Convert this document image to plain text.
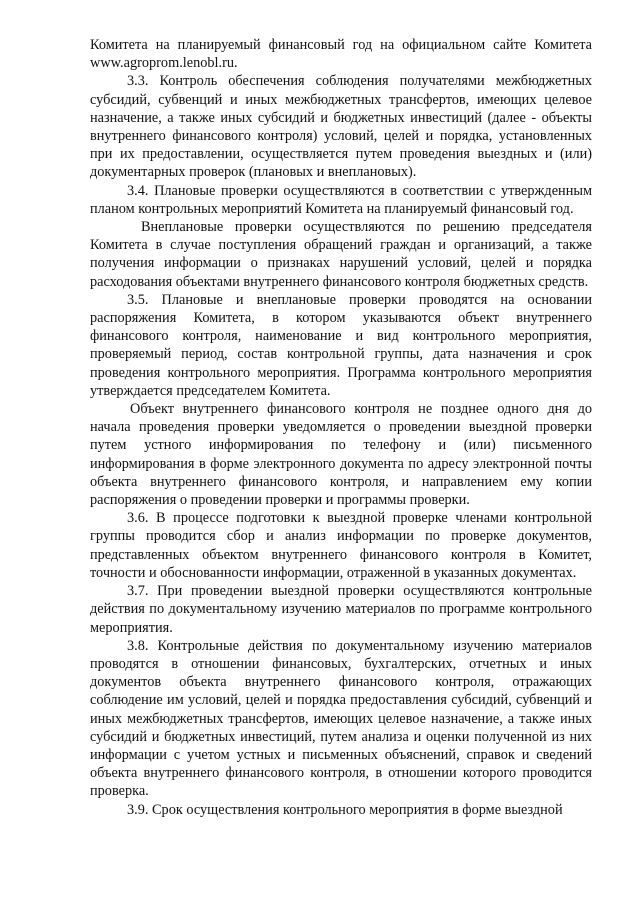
Комитета на планируемый финансовый год на официальном сайте Комитета www.agroprom.lenobl.ru.

3.3. Контроль обеспечения соблюдения получателями межбюджетных субсидий, субвенций и иных межбюджетных трансфертов, имеющих целевое назначение, а также иных субсидий и бюджетных инвестиций (далее - объекты внутреннего финансового контроля) условий, целей и порядка, установленных при их предоставлении, осуществляется путем проведения выездных и (или) документарных проверок (плановых и внеплановых).

3.4. Плановые проверки осуществляются в соответствии с утвержденным планом контрольных мероприятий Комитета на планируемый финансовый год.

Внеплановые проверки осуществляются по решению председателя Комитета в случае поступления обращений граждан и организаций, а также получения информации о признаках нарушений условий, целей и порядка расходования объектами внутреннего финансового контроля бюджетных средств.

3.5. Плановые и внеплановые проверки проводятся на основании распоряжения Комитета, в котором указываются объект внутреннего финансового контроля, наименование и вид контрольного мероприятия, проверяемый период, состав контрольной группы, дата назначения и срок проведения контрольного мероприятия. Программа контрольного мероприятия утверждается председателем Комитета.

Объект внутреннего финансового контроля не позднее одного дня до начала проведения проверки уведомляется о проведении выездной проверки путем устного информирования по телефону и (или) письменного информирования в форме электронного документа по адресу электронной почты объекта внутреннего финансового контроля, и направлением ему копии распоряжения о проведении проверки и программы проверки.

3.6. В процессе подготовки к выездной проверке членами контрольной группы проводится сбор и анализ информации по проверке документов, представленных объектом внутреннего финансового контроля в Комитет, точности и обоснованности информации, отраженной в указанных документах.

3.7. При проведении выездной проверки осуществляются контрольные действия по документальному изучению материалов по программе контрольного мероприятия.

3.8. Контрольные действия по документальному изучению материалов проводятся в отношении финансовых, бухгалтерских, отчетных и иных документов объекта внутреннего финансового контроля, отражающих соблюдение им условий, целей и порядка предоставления субсидий, субвенций и иных межбюджетных трансфертов, имеющих целевое назначение, а также иных субсидий и бюджетных инвестиций, путем анализа и оценки полученной из них информации с учетом устных и письменных объяснений, справок и сведений объекта внутреннего финансового контроля, в отношении которого проводится проверка.

3.9. Срок осуществления контрольного мероприятия в форме выездной
